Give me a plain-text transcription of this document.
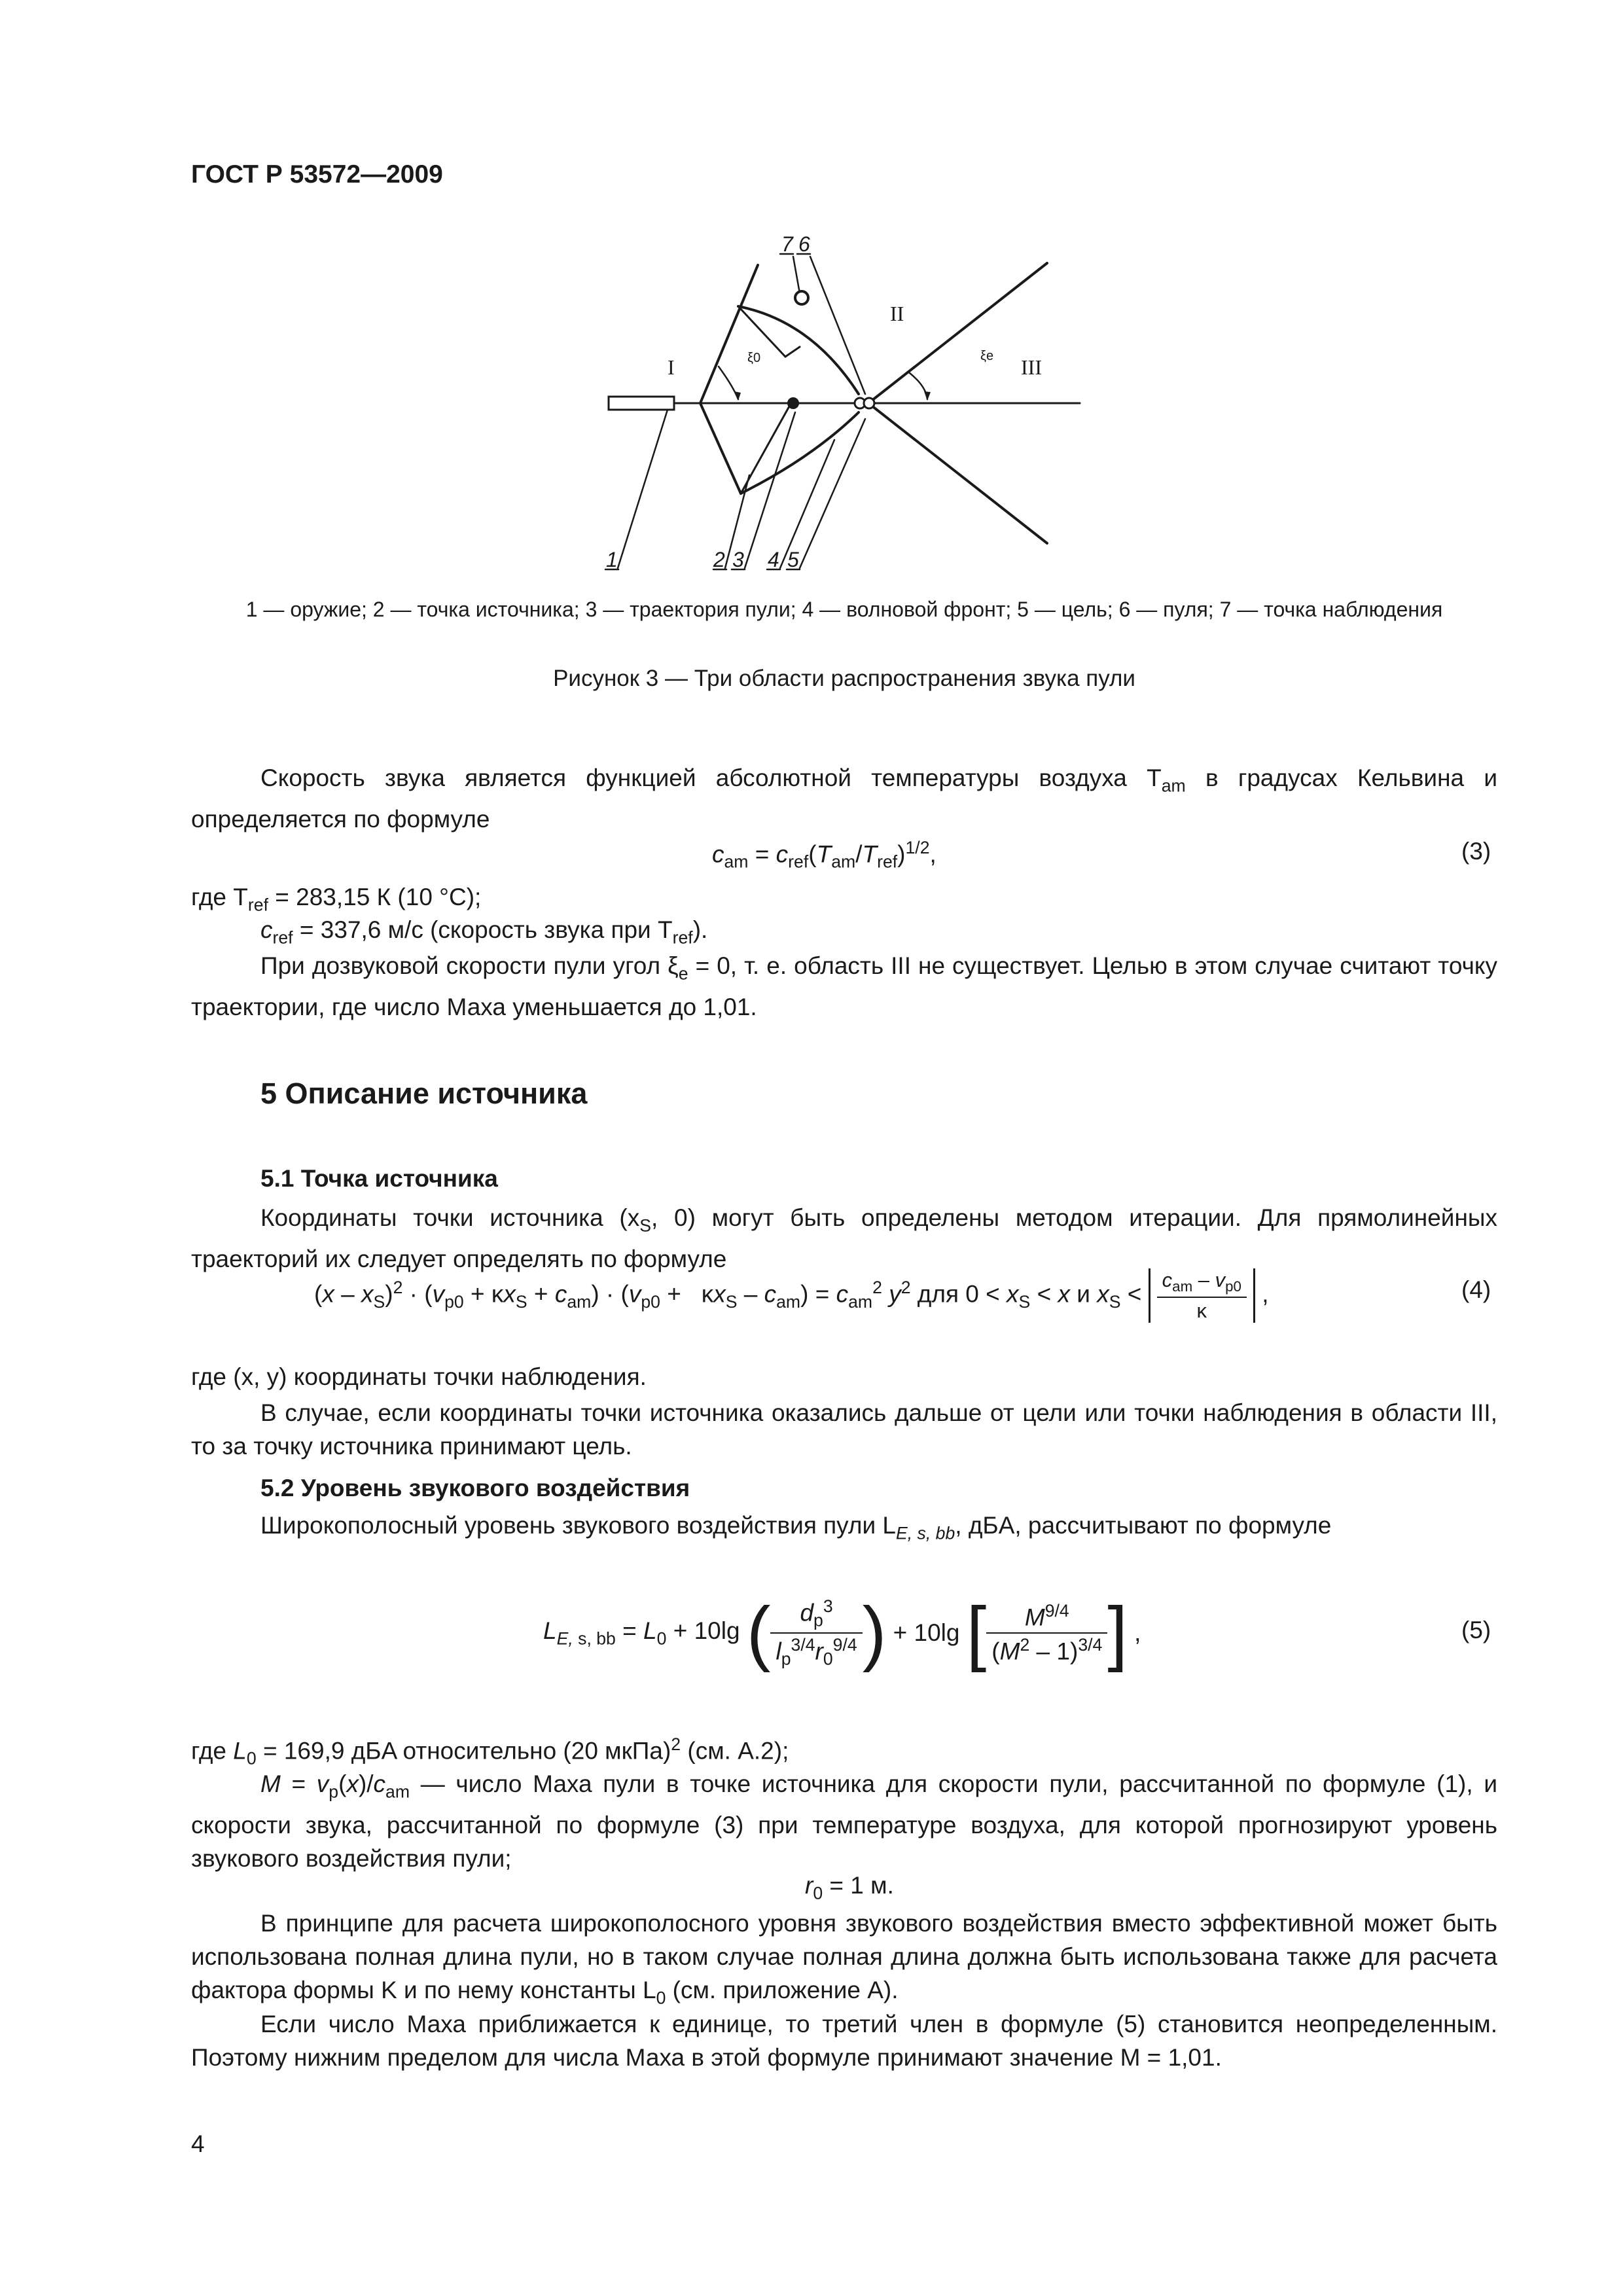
ГОСТ Р 53572—2009
I
II
III
ξ0	ξe
7 6
1	2 3 4 5
1 — оружие; 2 — точка источника; 3 — траектория пули; 4 — волновой фронт; 5 — цель; 6 — пуля; 7 — точка наблюдения
Рисунок 3 — Три области распространения звука пули
Скорость звука является функцией абсолютной температуры воздуха $T_{am}$ в градусах Кельвина и определяется по формуле
$c_{am} = c_{ref}(T_{am}/T_{ref})^{1/2}$,	(3)
где $T_{ref} = 283,15$ К (10 °C);
$c_{ref} = 337,6$ м/с (скорость звука при $T_{ref}$).
При дозвуковой скорости пули угол $\xi_e = 0$, т. е. область III не существует. Целью в этом случае считают точку траектории, где число Маха уменьшается до 1,01.
5 Описание источника
5.1 Точка источника
Координаты точки источника ($x_S$, 0) могут быть определены методом итерации. Для прямолинейных траекторий их следует определять по формуле
$(x - x_S)^2 \cdot (v_{p0} + \kappa x_S + c_{am}) \cdot (v_{p0} + \kappa x_S - c_{am}) = c_{am}^2$ $y^2$ для $0 < x_S < x$ и $x_S < \frac{c_{am} - v_{p0}}{\kappa}$ ,	(4)
где (x, y) координаты точки наблюдения.
В случае, если координаты точки источника оказались дальше от цели или точки наблюдения в области III, то за точку источника принимают цель.
5.2 Уровень звукового воздействия
Широкополосный уровень звукового воздействия пули $L_{E, s, bb}$, дБA, рассчитывают по формуле
$L_{E, s, bb} = L_0 + 10\lg$ ( $\frac{d_p^3}{l_p^{3/4}r_0^{9/4}}$ ) + 10lg [ $\frac{M^{9/4}}{(M^2 - 1)^{3/4}}$ ] ,	(5)
где $L_0 = 169,9$ дБA относительно (20 мкПа)$^2$ (см. А.2);
$M = v_p(x)/c_{am}$ — число Маха пули в точке источника для скорости пули, рассчитанной по формуле (1), и скорости звука, рассчитанной по формуле (3) при температуре воздуха, для которой прогнозируют уровень звукового воздействия пули;
$r_0 = 1$ м.
В принципе для расчета широкополосного уровня звукового воздействия вместо эффективной может быть использована полная длина пули, но в таком случае полная длина должна быть использована также для расчета фактора формы K и по нему константы $L_0$ (см. приложение А).
Если число Маха приближается к единице, то третий член в формуле (5) становится неопределенным. Поэтому нижним пределом для числа Маха в этой формуле принимают значение M = 1,01.
4
